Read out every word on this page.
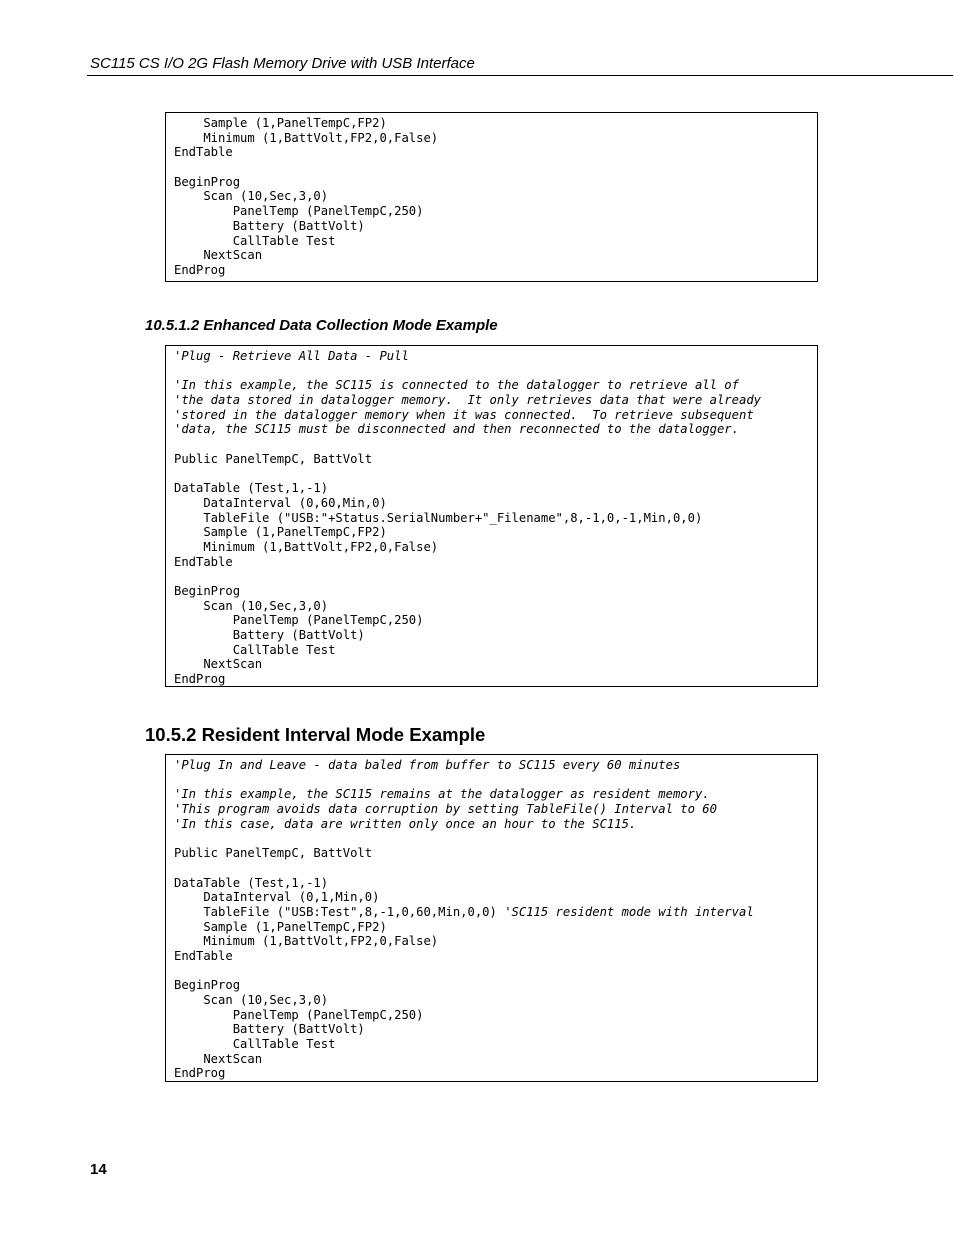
SC115 CS I/O 2G Flash Memory Drive with USB Interface
Sample (1,PanelTempC,FP2)
Minimum (1,BattVolt,FP2,0,False)
EndTable
BeginProg
Scan (10,Sec,3,0)
PanelTemp (PanelTempC,250)
Battery (BattVolt)
CallTable Test
NextScan
EndProg
10.5.1.2 Enhanced Data Collection Mode Example
'Plug - Retrieve All Data - Pull
'In this example, the SC115 is connected to the datalogger to retrieve all of
'the data stored in datalogger memory.  It only retrieves data that were already
'stored in the datalogger memory when it was connected.  To retrieve subsequent
'data, the SC115 must be disconnected and then reconnected to the datalogger.
Public PanelTempC, BattVolt
DataTable (Test,1,-1)
DataInterval (0,60,Min,0)
TableFile ("USB:"+Status.SerialNumber+"_Filename",8,-1,0,-1,Min,0,0)
Sample (1,PanelTempC,FP2)
Minimum (1,BattVolt,FP2,0,False)
EndTable
BeginProg
Scan (10,Sec,3,0)
PanelTemp (PanelTempC,250)
Battery (BattVolt)
CallTable Test
NextScan
EndProg
10.5.2 Resident Interval Mode Example
'Plug In and Leave - data baled from buffer to SC115 every 60 minutes
'In this example, the SC115 remains at the datalogger as resident memory.
'This program avoids data corruption by setting TableFile() Interval to 60
'In this case, data are written only once an hour to the SC115.
Public PanelTempC, BattVolt
DataTable (Test,1,-1)
DataInterval (0,1,Min,0)
TableFile ("USB:Test",8,-1,0,60,Min,0,0) 'SC115 resident mode with interval
Sample (1,PanelTempC,FP2)
Minimum (1,BattVolt,FP2,0,False)
EndTable
BeginProg
Scan (10,Sec,3,0)
PanelTemp (PanelTempC,250)
Battery (BattVolt)
CallTable Test
NextScan
EndProg
14
